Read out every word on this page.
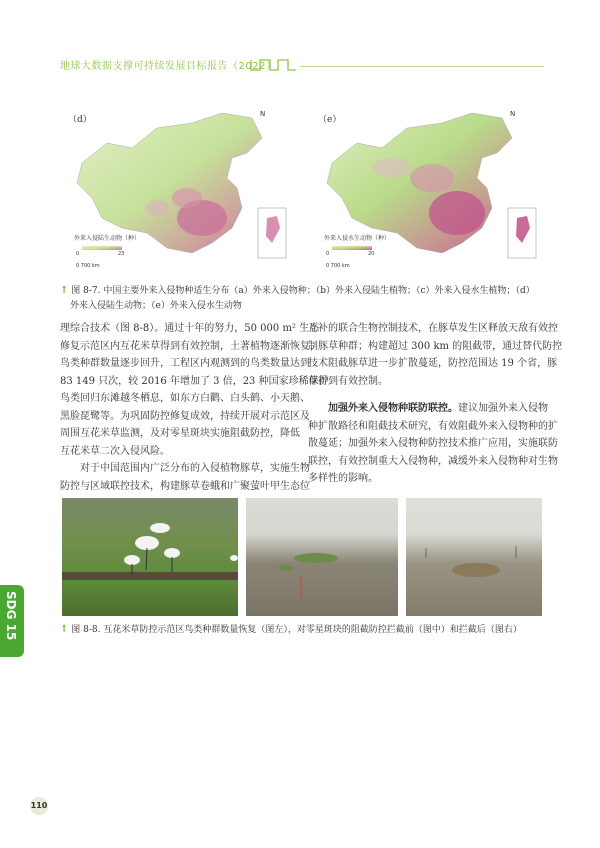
地球大数据支撑可持续发展目标报告（2022）
（d）
N
外来入侵陆生动物（种）
0	23
0 700 km
（e）
N
外来入侵水生动物（种）
0	20
0 700 km
↑ 图 8-7. 中国主要外来入侵物种适生分布（a）外来入侵物种；（b）外来入侵陆生植物；（c）外来入侵水生植物；（d）
外来入侵陆生动物；（e）外来入侵水生动物
理综合技术（图 8-8）。通过十年的努力，50 000 m² 生态
修复示范区内互花米草得到有效控制，土著植物逐渐恢复，
鸟类种群数量逐步回升，工程区内观测到的鸟类数量达到
83 149 只次，较 2016 年增加了 3 倍，23 种国家珍稀保护
鸟类回归东滩越冬栖息，如东方白鹳、白头鹤、小天鹅、
黑脸琵鹭等。为巩固防控修复成效，持续开展对示范区及
周围互花米草监测，及对零星斑块实施阻截防控，降低
互花米草二次入侵风险。
对于中国范围内广泛分布的入侵植物豚草，实施生物
防控与区域联控技术，构建豚草卷蛾和广聚萤叶甲生态位
互补的联合生物控制技术，在豚草发生区释放天敌有效控
制豚草种群；构建超过 300 km 的阻截带，通过替代防控
技术阻截豚草进一步扩散蔓延，防控范围达 19 个省，豚
草得到有效控制。
加强外来入侵物种联防联控。建议加强外来入侵物
种扩散路径和阻截技术研究，有效阻截外来入侵物种的扩
散蔓延；加强外来入侵物种防控技术推广应用，实施联防
联控，有效控制重大入侵物种，减缓外来入侵物种对生物
多样性的影响。
↑ 图 8-8. 互花米草防控示范区鸟类种群数量恢复（图左），对零星斑块的阻截防控拦截前（图中）和拦截后（图右）
SDG 15
110
